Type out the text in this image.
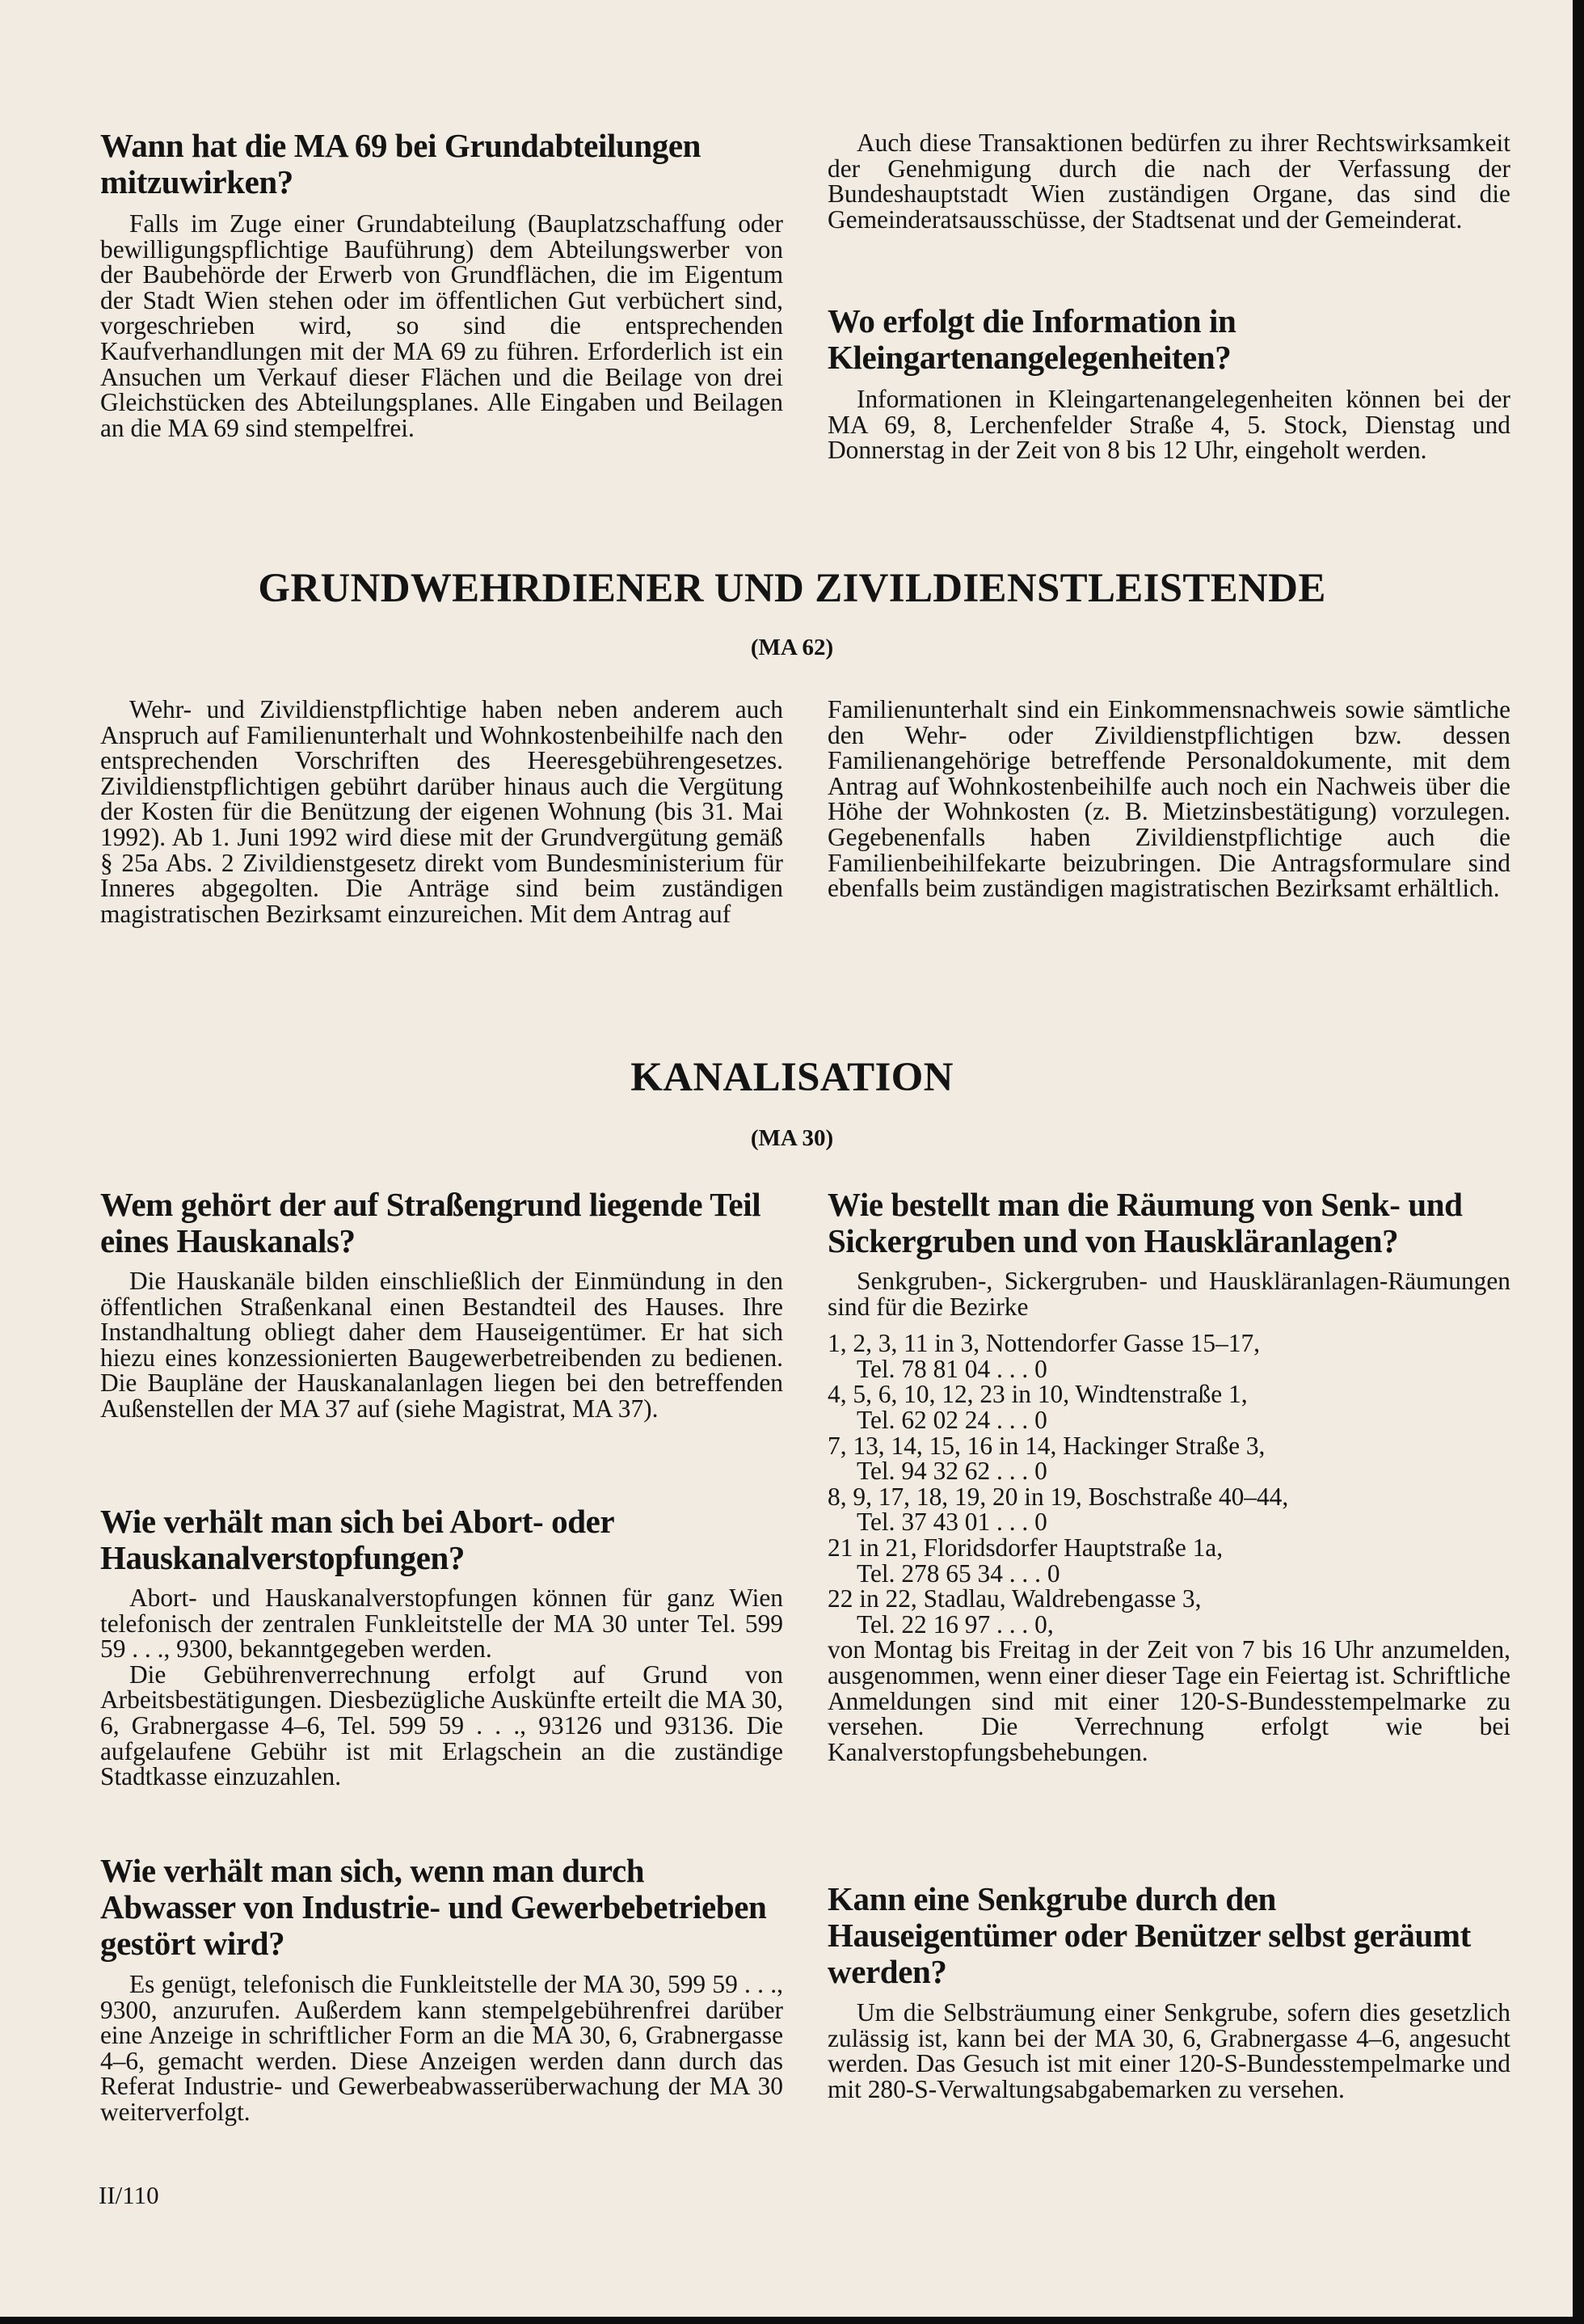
Wann hat die MA 69 bei Grundabteilungen mitzuwirken?

Falls im Zuge einer Grundabteilung (Bauplatzschaffung oder bewilligungspflichtige Bauführung) dem Abteilungswerber von der Baubehörde der Erwerb von Grundflächen, die im Eigentum der Stadt Wien stehen oder im öffentlichen Gut verbüchert sind, vorgeschrieben wird, so sind die entsprechenden Kaufverhandlungen mit der MA 69 zu führen. Erforderlich ist ein Ansuchen um Verkauf dieser Flächen und die Beilage von drei Gleichstücken des Abteilungsplanes. Alle Eingaben und Beilagen an die MA 69 sind stempelfrei.

Auch diese Transaktionen bedürfen zu ihrer Rechtswirksamkeit der Genehmigung durch die nach der Verfassung der Bundeshauptstadt Wien zuständigen Organe, das sind die Gemeinderatsausschüsse, der Stadtsenat und der Gemeinderat.

Wo erfolgt die Information in Kleingartenangelegenheiten?

Informationen in Kleingartenangelegenheiten können bei der MA 69, 8, Lerchenfelder Straße 4, 5. Stock, Dienstag und Donnerstag in der Zeit von 8 bis 12 Uhr, eingeholt werden.

GRUNDWEHRDIENER UND ZIVILDIENSTLEISTENDE
(MA 62)

Wehr- und Zivildienstpflichtige haben neben anderem auch Anspruch auf Familienunterhalt und Wohnkostenbeihilfe nach den entsprechenden Vorschriften des Heeresgebührengesetzes. Zivildienstpflichtigen gebührt darüber hinaus auch die Vergütung der Kosten für die Benützung der eigenen Wohnung (bis 31. Mai 1992). Ab 1. Juni 1992 wird diese mit der Grundvergütung gemäß § 25a Abs. 2 Zivildienstgesetz direkt vom Bundesministerium für Inneres abgegolten. Die Anträge sind beim zuständigen magistratischen Bezirksamt einzureichen. Mit dem Antrag auf

Familienunterhalt sind ein Einkommensnachweis sowie sämtliche den Wehr- oder Zivildienstpflichtigen bzw. dessen Familienangehörige betreffende Personaldokumente, mit dem Antrag auf Wohnkostenbeihilfe auch noch ein Nachweis über die Höhe der Wohnkosten (z. B. Mietzinsbestätigung) vorzulegen. Gegebenenfalls haben Zivildienstpflichtige auch die Familienbeihilfekarte beizubringen. Die Antragsformulare sind ebenfalls beim zuständigen magistratischen Bezirksamt erhältlich.

KANALISATION
(MA 30)
Wem gehört der auf Straßengrund liegende Teil eines Hauskanals?

Die Hauskanäle bilden einschließlich der Einmündung in den öffentlichen Straßenkanal einen Bestandteil des Hauses. Ihre Instandhaltung obliegt daher dem Hauseigentümer. Er hat sich hiezu eines konzessionierten Baugewerbetreibenden zu bedienen. Die Baupläne der Hauskanalanlagen liegen bei den betreffenden Außenstellen der MA 37 auf (siehe Magistrat, MA 37).

Wie verhält man sich bei Abort- oder Hauskanalverstopfungen?

Abort- und Hauskanalverstopfungen können für ganz Wien telefonisch der zentralen Funkleitstelle der MA 30 unter Tel. 599 59 . . ., 9300, bekanntgegeben werden.

Die Gebührenverrechnung erfolgt auf Grund von Arbeitsbestätigungen. Diesbezügliche Auskünfte erteilt die MA 30, 6, Grabnergasse 4–6, Tel. 599 59 . . ., 93126 und 93136. Die aufgelaufene Gebühr ist mit Erlagschein an die zuständige Stadtkasse einzuzahlen.

Wie verhält man sich, wenn man durch Abwasser von Industrie- und Gewerbebetrieben gestört wird?

Es genügt, telefonisch die Funkleitstelle der MA 30, 599 59 . . ., 9300, anzurufen. Außerdem kann stempelgebührenfrei darüber eine Anzeige in schriftlicher Form an die MA 30, 6, Grabnergasse 4–6, gemacht werden. Diese Anzeigen werden dann durch das Referat Industrie- und Gewerbeabwasserüberwachung der MA 30 weiterverfolgt.

Wie bestellt man die Räumung von Senk- und Sickergruben und von Hauskläranlagen?

Senkgruben-, Sickergruben- und Hauskläranlagen-Räumungen sind für die Bezirke

1, 2, 3, 11 in 3, Nottendorfer Gasse 15–17,
Tel. 78 81 04 . . . 0
4, 5, 6, 10, 12, 23 in 10, Windtenstraße 1,
Tel. 62 02 24 . . . 0
7, 13, 14, 15, 16 in 14, Hackinger Straße 3,
Tel. 94 32 62 . . . 0
8, 9, 17, 18, 19, 20 in 19, Boschstraße 40–44,
Tel. 37 43 01 . . . 0
21 in 21, Floridsdorfer Hauptstraße 1a,
Tel. 278 65 34 . . . 0
22 in 22, Stadlau, Waldrebengasse 3,
Tel. 22 16 97 . . . 0,

von Montag bis Freitag in der Zeit von 7 bis 16 Uhr anzumelden, ausgenommen, wenn einer dieser Tage ein Feiertag ist. Schriftliche Anmeldungen sind mit einer 120-S-Bundesstempelmarke zu versehen. Die Verrechnung erfolgt wie bei Kanalverstopfungsbehebungen.

Kann eine Senkgrube durch den Hauseigentümer oder Benützer selbst geräumt werden?

Um die Selbsträumung einer Senkgrube, sofern dies gesetzlich zulässig ist, kann bei der MA 30, 6, Grabnergasse 4–6, angesucht werden. Das Gesuch ist mit einer 120-S-Bundesstempelmarke und mit 280-S-Verwaltungsabgabemarken zu versehen.

II/110
